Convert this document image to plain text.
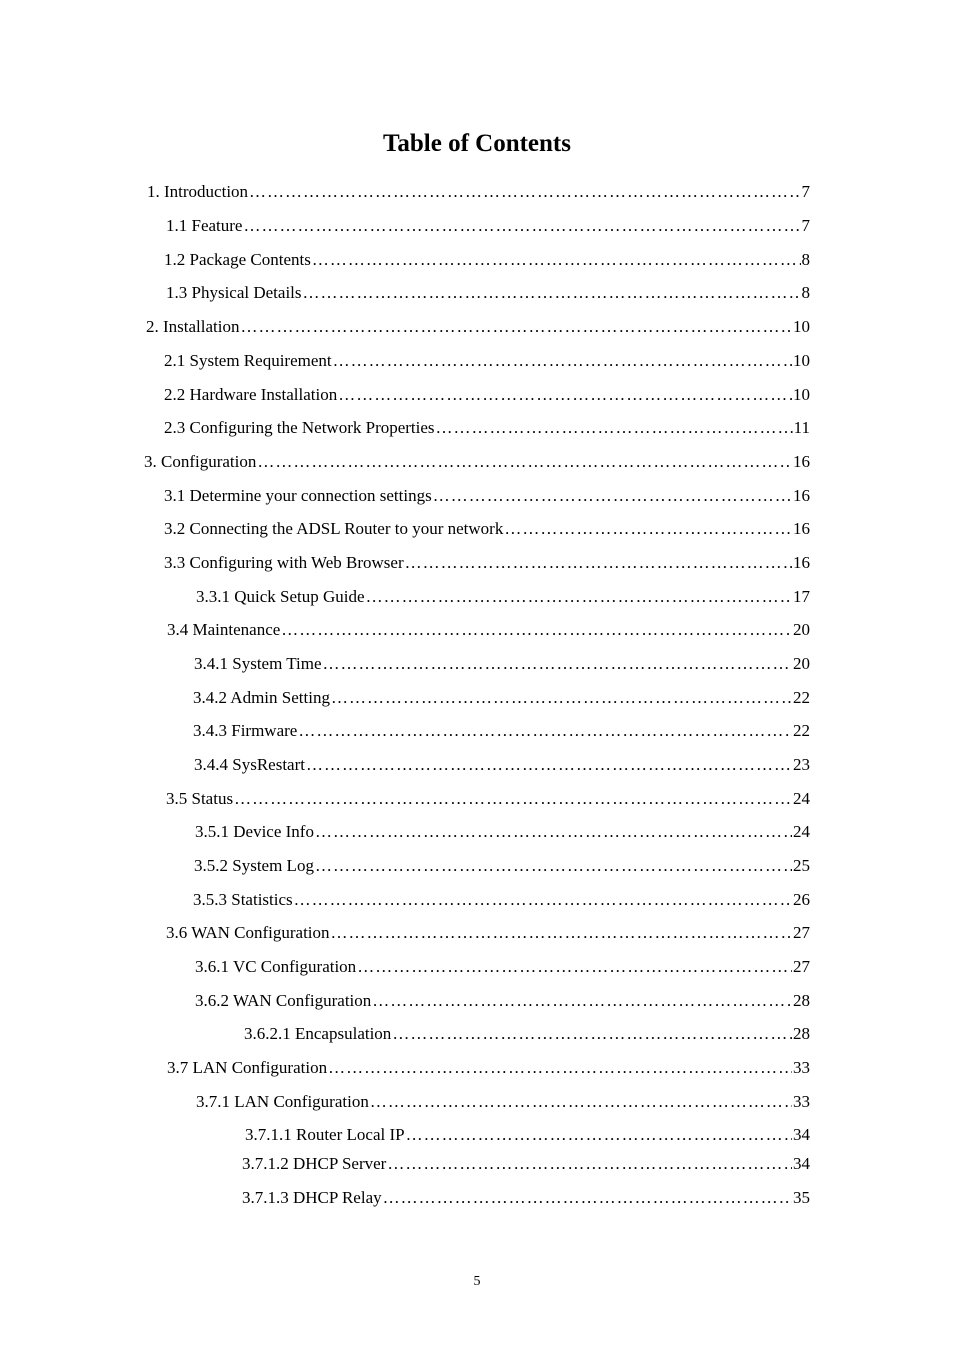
Table of Contents
1. Introduction …………………………………………………………………………………………………………………………………………………………………………………………………………	7
1.1 Feature …………………………………………………………………………………………………………………………………………………………………………………………………………	7
1.2 Package Contents …………………………………………………………………………………………………………………………………………………………………………………………………………	8
1.3 Physical Details …………………………………………………………………………………………………………………………………………………………………………………………………………	8
2. Installation …………………………………………………………………………………………………………………………………………………………………………………………………………	10
2.1 System Requirement …………………………………………………………………………………………………………………………………………………………………………………………………………	10
2.2 Hardware Installation …………………………………………………………………………………………………………………………………………………………………………………………………………	10
2.3 Configuring the Network Properties …………………………………………………………………………………………………………………………………………………………………………………………………………	11
3. Configuration …………………………………………………………………………………………………………………………………………………………………………………………………………	16
3.1 Determine your connection settings …………………………………………………………………………………………………………………………………………………………………………………………………………	16
3.2 Connecting the ADSL Router to your network …………………………………………………………………………………………………………………………………………………………………………………………………………	16
3.3 Configuring with Web Browser …………………………………………………………………………………………………………………………………………………………………………………………………………	16
3.3.1 Quick Setup Guide …………………………………………………………………………………………………………………………………………………………………………………………………………	17
3.4 Maintenance …………………………………………………………………………………………………………………………………………………………………………………………………………	20
3.4.1 System Time …………………………………………………………………………………………………………………………………………………………………………………………………………	20
3.4.2 Admin Setting …………………………………………………………………………………………………………………………………………………………………………………………………………	22
3.4.3 Firmware …………………………………………………………………………………………………………………………………………………………………………………………………………	22
3.4.4 SysRestart …………………………………………………………………………………………………………………………………………………………………………………………………………	23
3.5 Status …………………………………………………………………………………………………………………………………………………………………………………………………………	24
3.5.1 Device Info …………………………………………………………………………………………………………………………………………………………………………………………………………	24
3.5.2 System Log …………………………………………………………………………………………………………………………………………………………………………………………………………	25
3.5.3 Statistics …………………………………………………………………………………………………………………………………………………………………………………………………………	26
3.6 WAN Configuration …………………………………………………………………………………………………………………………………………………………………………………………………………	27
3.6.1 VC Configuration …………………………………………………………………………………………………………………………………………………………………………………………………………	27
3.6.2 WAN Configuration …………………………………………………………………………………………………………………………………………………………………………………………………………	28
3.6.2.1 Encapsulation …………………………………………………………………………………………………………………………………………………………………………………………………………	28
3.7 LAN Configuration …………………………………………………………………………………………………………………………………………………………………………………………………………	33
3.7.1 LAN Configuration …………………………………………………………………………………………………………………………………………………………………………………………………………	33
3.7.1.1 Router Local IP …………………………………………………………………………………………………………………………………………………………………………………………………………	34
3.7.1.2 DHCP Server …………………………………………………………………………………………………………………………………………………………………………………………………………	34
3.7.1.3 DHCP Relay …………………………………………………………………………………………………………………………………………………………………………………………………………	35
5
